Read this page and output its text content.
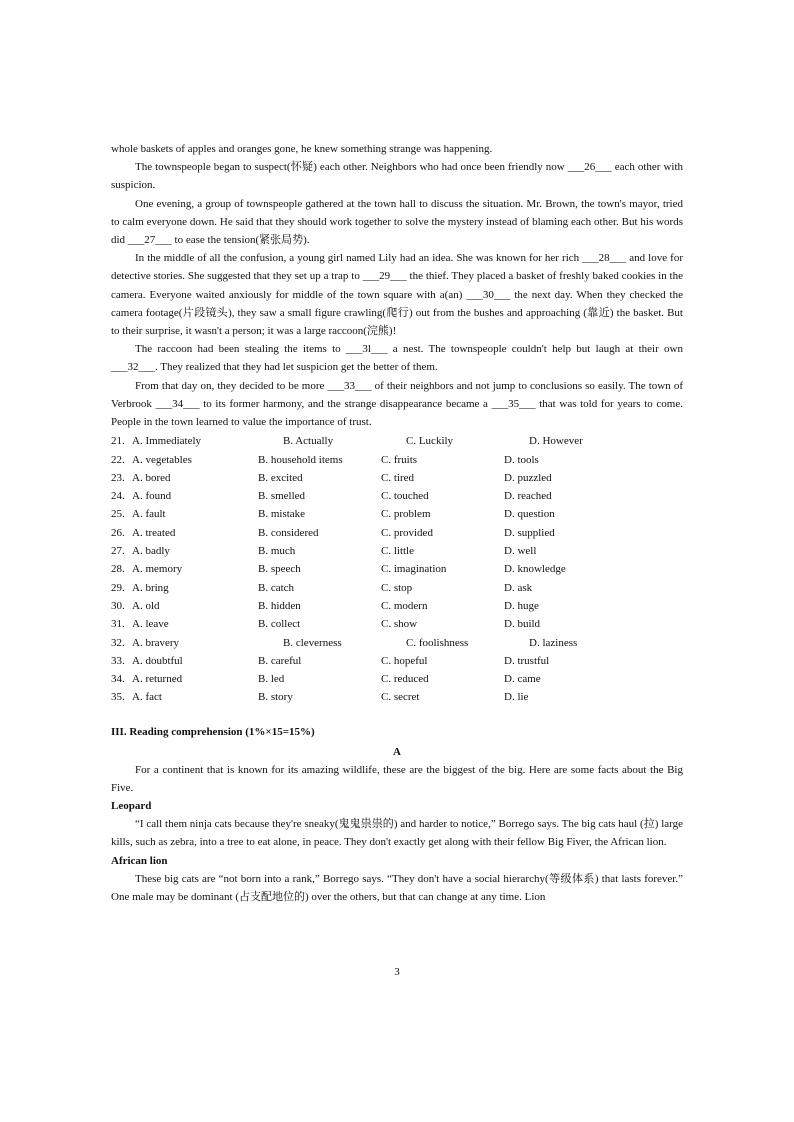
whole baskets of apples and oranges gone, he knew something strange was happening.

The townspeople began to suspect(怀疑) each other. Neighbors who had once been friendly now ___26___ each other with suspicion.

One evening, a group of townspeople gathered at the town hall to discuss the situation. Mr. Brown, the town's mayor, tried to calm everyone down. He said that they should work together to solve the mystery instead of blaming each other. But his words did ___27___ to ease the tension(紧张局势).

In the middle of all the confusion, a young girl named Lily had an idea. She was known for her rich ___28___ and love for detective stories. She suggested that they set up a trap to ___29___ the thief. They placed a basket of freshly baked cookies in the camera. Everyone waited anxiously for middle of the town square with a(an) ___30___ the next day. When they checked the camera footage(片段镜头), they saw a small figure crawling(爬行) out from the bushes and approaching (靠近) the basket. But to their surprise, it wasn't a person; it was a large raccoon(浣熊)!

The raccoon had been stealing the items to ___3l___ a nest. The townspeople couldn't help but laugh at their own ___32___. They realized that they had let suspicion get the better of them.

From that day on, they decided to be more ___33___ of their neighbors and not jump to conclusions so easily. The town of Verbrook ___34___ to its former harmony, and the strange disappearance became a ___35___ that was told for years to come. People in the town learned to value the importance of trust.

21. A. Immediately	B. Actually	C. Luckily	D. However
22. A. vegetables	B. household items	C. fruits	D. tools
23. A. bored	B. excited	C. tired	D. puzzled
24. A. found	B. smelled	C. touched	D. reached
25. A. fault	B. mistake	C. problem	D. question
26. A. treated	B. considered	C. provided	D. supplied
27. A. badly	B. much	C. little	D. well
28. A. memory	B. speech	C. imagination	D. knowledge
29. A. bring	B. catch	C. stop	D. ask
30. A. old	B. hidden	C. modern	D. huge
31. A. leave	B. collect	C. show	D. build
32. A. bravery	B. cleverness	C. foolishness	D. laziness
33. A. doubtful	B. careful	C. hopeful	D. trustful
34. A. returned	B. led	C. reduced	D. came
35. A. fact	B. story	C. secret	D. lie
III. Reading comprehension (1%×15=15%)
A

For a continent that is known for its amazing wildlife, these are the biggest of the big. Here are some facts about the Big Five.

Leopard

“I call them ninja cats because they're sneaky(鬼鬼祟祟的) and harder to notice,” Borrego says. The big cats haul (拉) large kills, such as zebra, into a tree to eat alone, in peace. They don't exactly get along with their fellow Big Fiver, the African lion.

African lion

These big cats are “not born into a rank,” Borrego says. “They don't have a social hierarchy(等级体系) that lasts forever.” One male may be dominant (占支配地位的) over the others, but that can change at any time. Lion

3
